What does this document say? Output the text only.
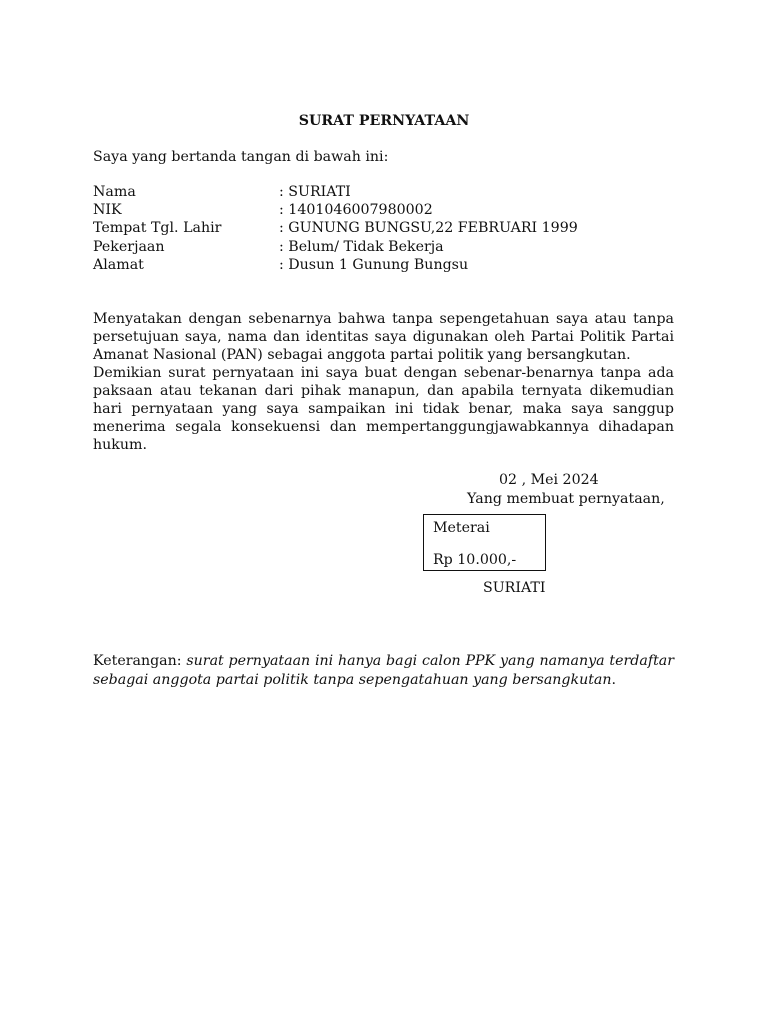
SURAT PERNYATAAN
Saya yang bertanda tangan di bawah ini:
Nama	: SURIATI
NIK	: 1401046007980002
Tempat Tgl. Lahir	: GUNUNG BUNGSU,22 FEBRUARI 1999
Pekerjaan	: Belum/ Tidak Bekerja
Alamat	: Dusun 1 Gunung Bungsu
Menyatakan dengan sebenarnya bahwa tanpa sepengetahuan saya atau tanpa persetujuan saya, nama dan identitas saya digunakan oleh Partai Politik Partai Amanat Nasional (PAN) sebagai anggota partai politik yang bersangkutan.
Demikian surat pernyataan ini saya buat dengan sebenar-benarnya tanpa ada paksaan atau tekanan dari pihak manapun, dan apabila ternyata dikemudian hari pernyataan yang saya sampaikan ini tidak benar, maka saya sanggup menerima segala konsekuensi dan mempertanggungjawabkannya dihadapan hukum.
02 , Mei 2024
Yang membuat pernyataan,
Meterai
Rp 10.000,-
SURIATI
Keterangan: surat pernyataan ini hanya bagi calon PPK yang namanya terdaftar sebagai anggota partai politik tanpa sepengatahuan yang bersangkutan.
